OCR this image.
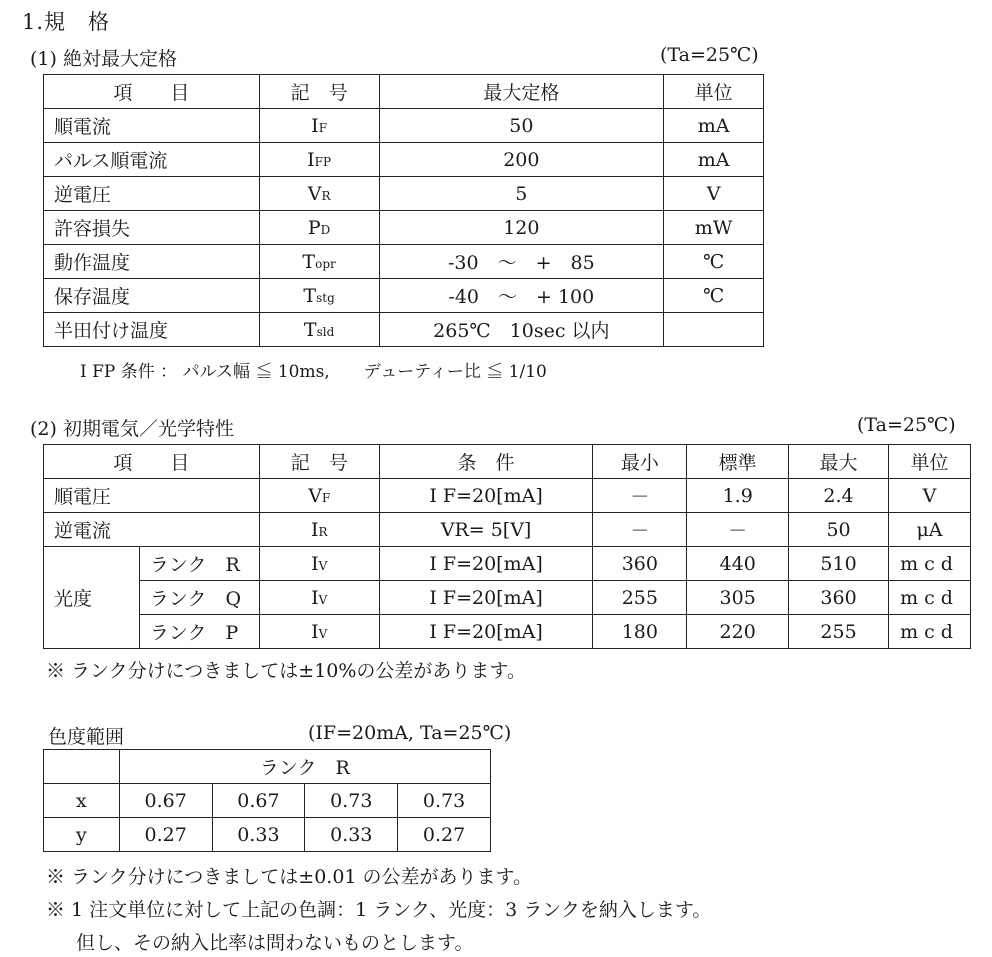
1.規　格
(1) 絶対最大定格	(Ta=25℃)
項　　目	記　号	最大定格	単位
順電流	IF	50	mA
パルス順電流	IFP	200	mA
逆電圧	VR	5	V
許容損失	PD	120	mW
動作温度	Topr	-30　～　+　85	℃
保存温度	Tstg	-40　～　+ 100	℃
半田付け温度	Tsld	265℃　10sec 以内	
I FP 条件 ： パルス幅 ≦ 10ms,　　デューティー比 ≦ 1/10
(2) 初期電気／光学特性	(Ta=25℃)
項　　目		記　号	条　件	最小	標準	最大	単位
順電圧		VF	I F=20[mA]	－	1.9	2.4	V
逆電流		IR	VR= 5[V]	－	－	50	μA
光度	ランク　R	IV	I F=20[mA]	360	440	510	mcd
	ランク　Q	IV	I F=20[mA]	255	305	360	mcd
	ランク　P	IV	I F=20[mA]	180	220	255	mcd
※ ランク分けにつきましては±10%の公差があります。
色度範囲	(IF=20mA, Ta=25℃)
	ランク　R			
x	0.67	0.67	0.73	0.73
y	0.27	0.33	0.33	0.27
※ ランク分けにつきましては±0.01 の公差があります。
※ 1 注文単位に対して上記の色調：1 ランク、光度：3 ランクを納入します。
但し、その納入比率は問わないものとします。
